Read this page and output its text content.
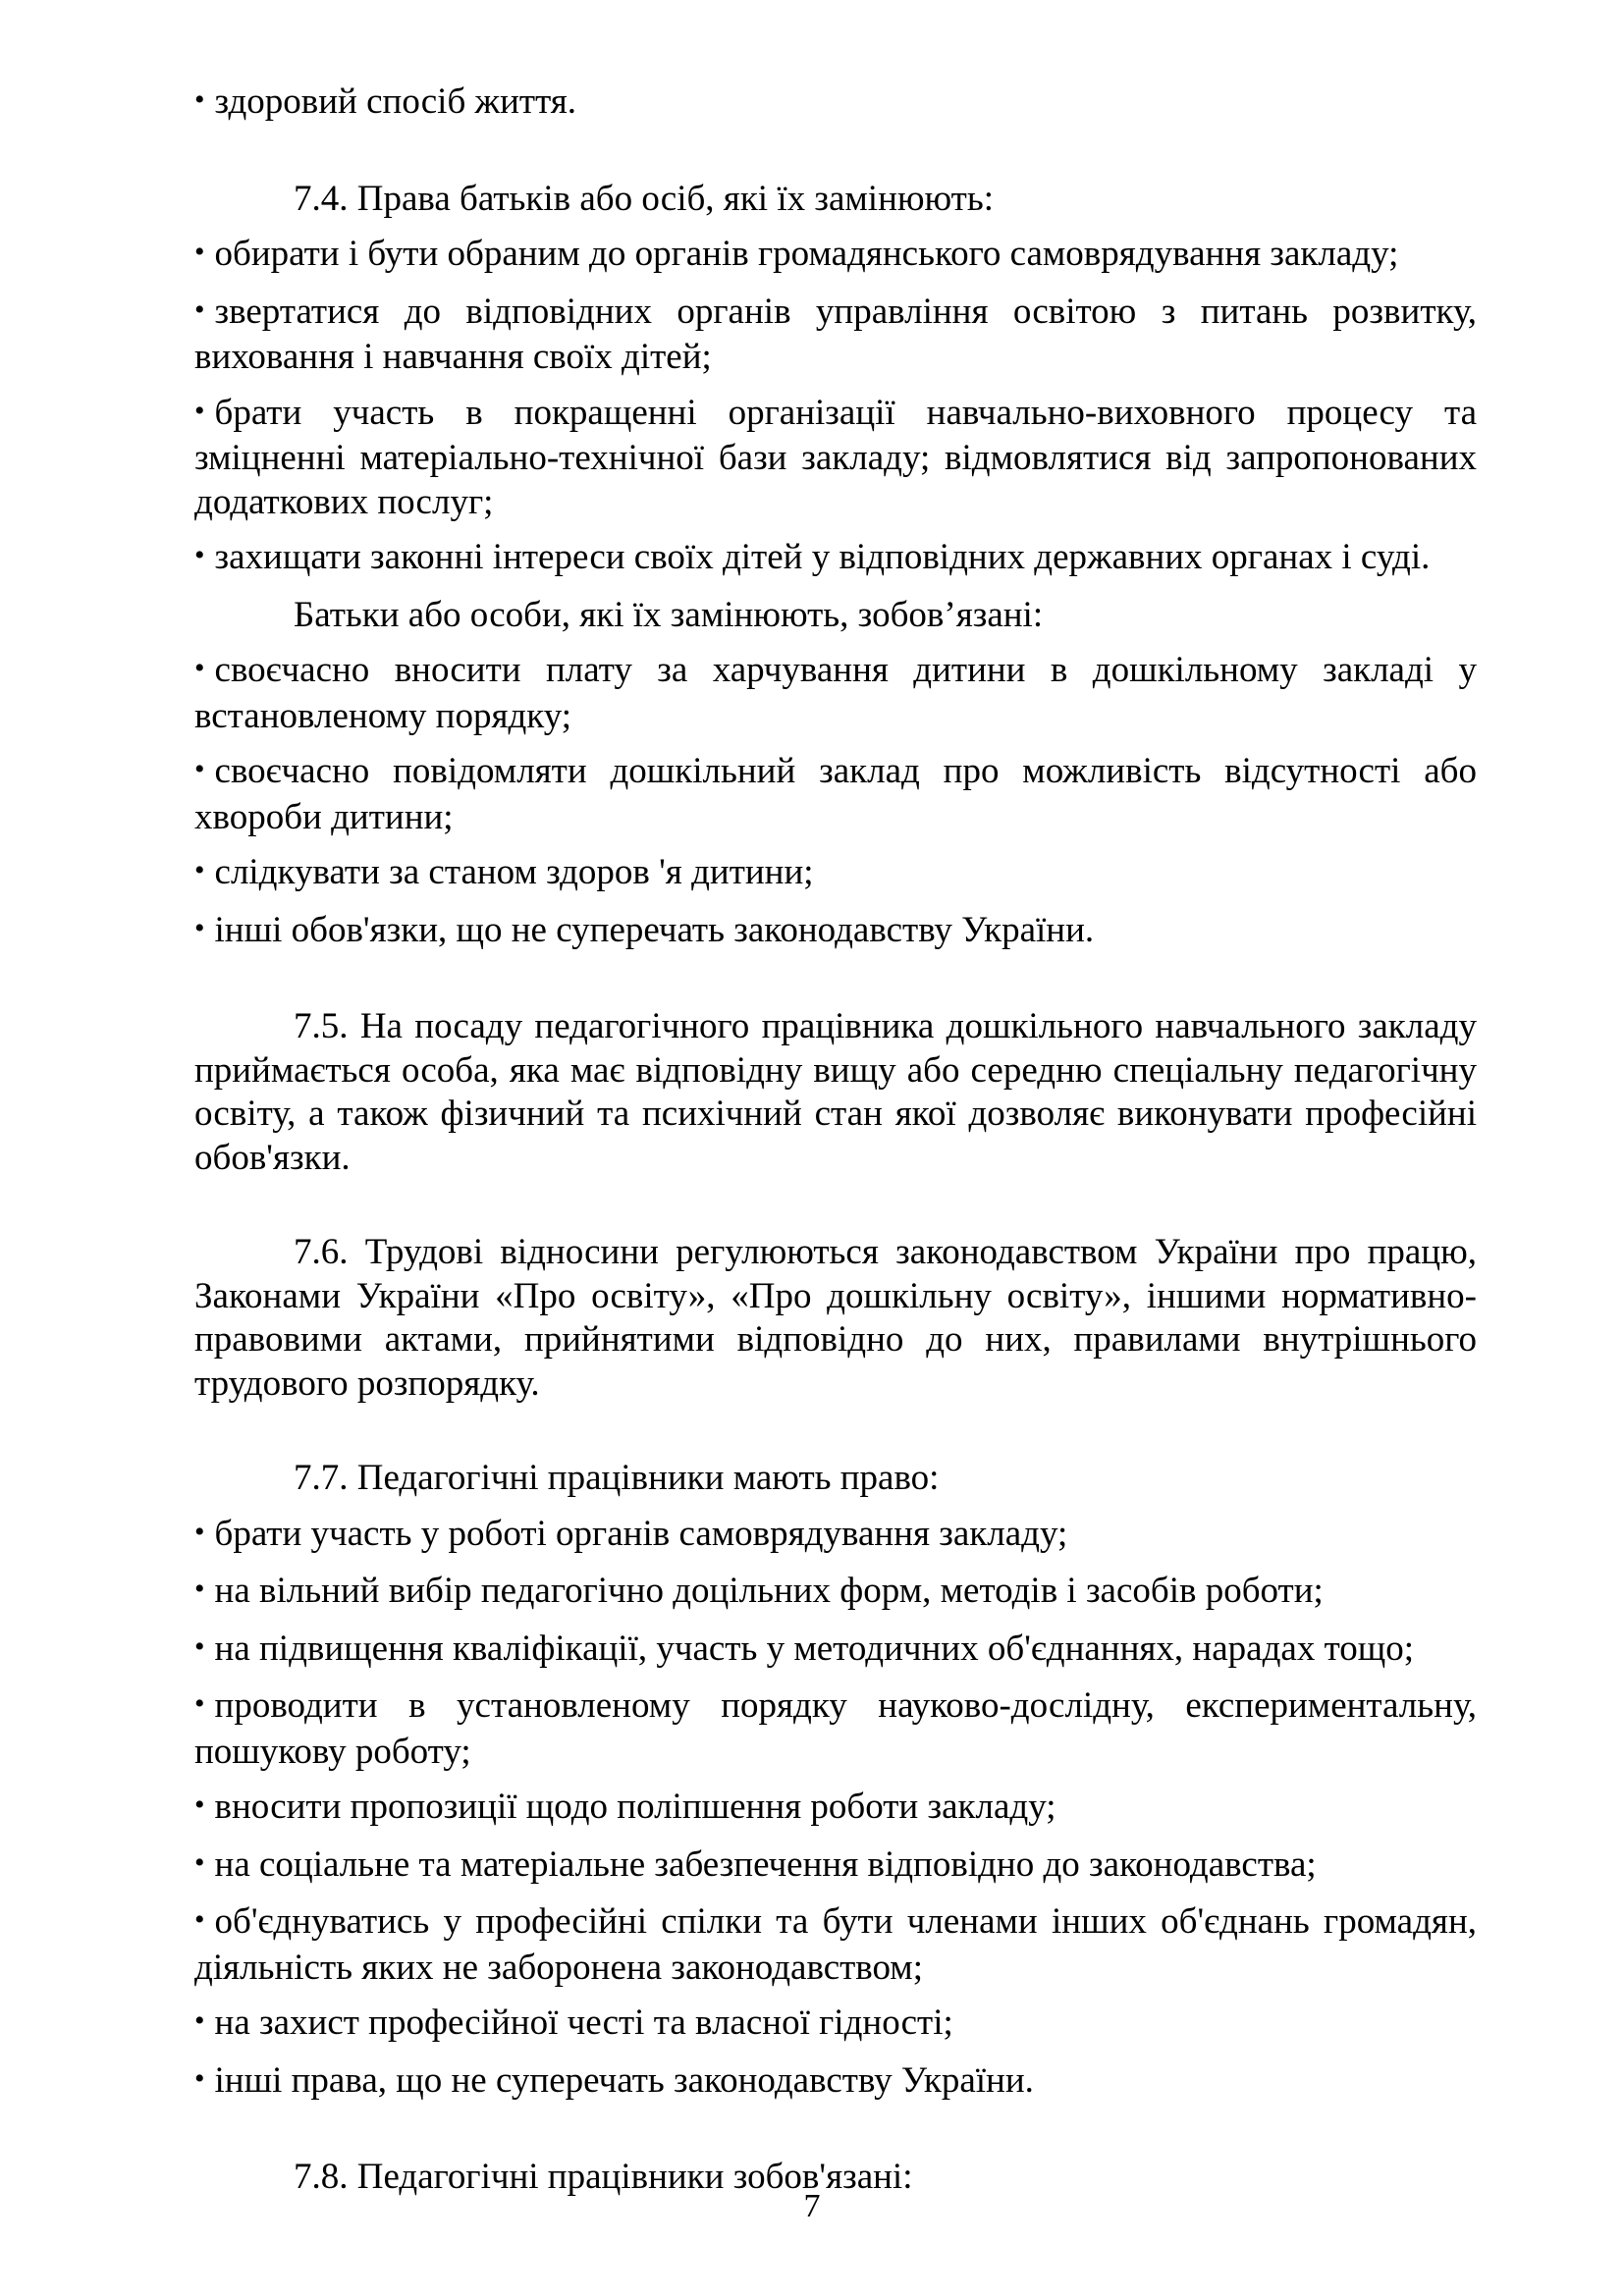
• здоровий спосіб життя.
7.4. Права батьків або осіб, які їх замінюють:
• обирати і бути обраним до органів громадянського самоврядування закладу;
• звертатися до відповідних органів управління освітою з питань розвитку, виховання і навчання своїх дітей;
• брати участь в покращенні організації навчально-виховного процесу та зміцненні матеріально-технічної бази закладу; відмовлятися від запропонованих додаткових послуг;
• захищати законні інтереси своїх дітей у відповідних державних органах і суді.
Батьки або особи, які їх замінюють, зобов’язані:
• своєчасно вносити плату за харчування дитини в дошкільному закладі у встановленому порядку;
• своєчасно повідомляти дошкільний заклад про можливість відсутності або хвороби дитини;
• слідкувати за станом здоров 'я дитини;
• інші обов'язки, що не суперечать законодавству України.
7.5. На посаду педагогічного працівника дошкільного навчального закладу приймається особа, яка має відповідну вищу або середню спеціальну педагогічну освіту, а також фізичний та психічний стан якої дозволяє виконувати професійні обов'язки.
7.6. Трудові відносини регулюються законодавством України про працю, Законами України «Про освіту», «Про дошкільну освіту», іншими нормативно-правовими актами, прийнятими відповідно до них, правилами внутрішнього трудового розпорядку.
7.7. Педагогічні працівники мають право:
• брати участь у роботі органів самоврядування закладу;
• на вільний вибір педагогічно доцільних форм, методів і засобів роботи;
• на підвищення кваліфікації, участь у методичних об'єднаннях, нарадах тощо;
• проводити в установленому порядку науково-дослідну, експериментальну, пошукову роботу;
• вносити пропозиції щодо поліпшення роботи закладу;
• на соціальне та матеріальне забезпечення відповідно до законодавства;
• об'єднуватись у професійні спілки та бути членами інших об'єднань громадян, діяльність яких не заборонена законодавством;
• на захист професійної честі та власної гідності;
• інші права, що не суперечать законодавству України.
7.8. Педагогічні працівники зобов'язані:
7
